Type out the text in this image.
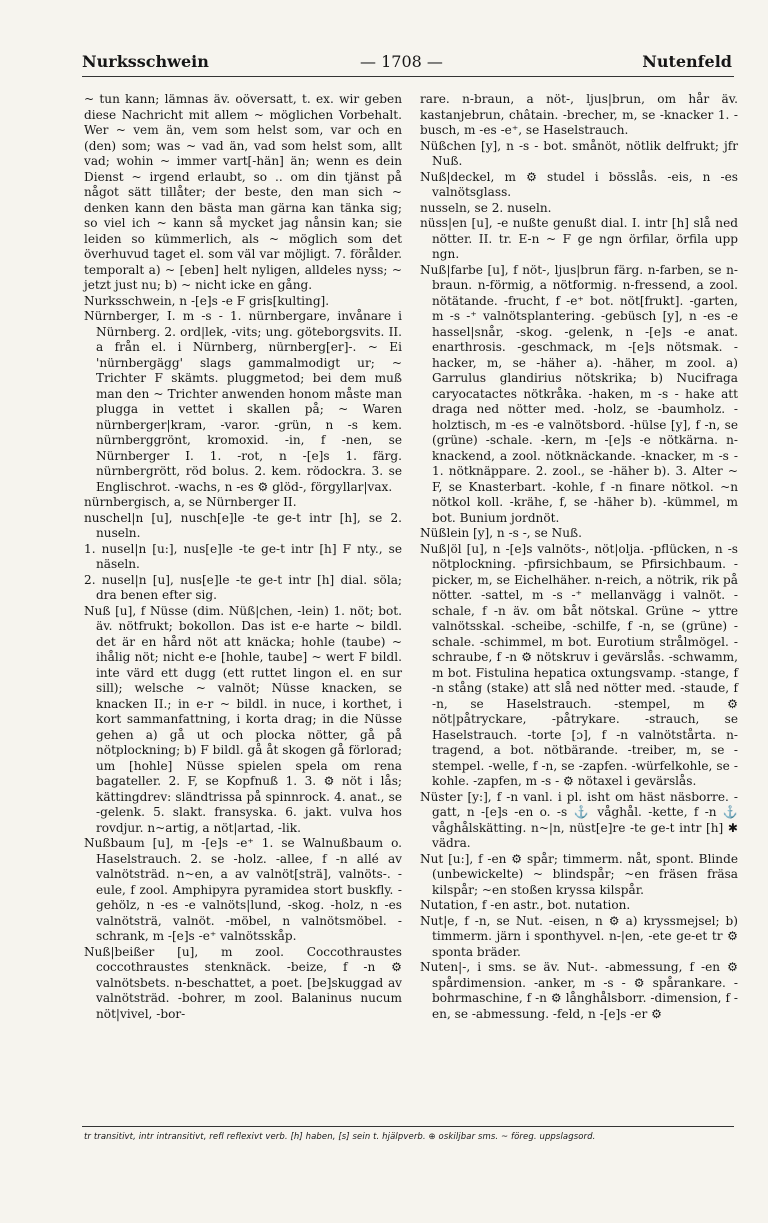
Nurksschwein	— 1708 —	Nutenfeld

~ tun kann; lämnas äv. oöversatt, t. ex. wir geben diese Nachricht mit allem ~ möglichen Vorbehalt. Wer ~ vem än, vem som helst som, var och en (den) som; was ~ vad än, vad som helst som, allt vad; wohin ~ immer vart[-hän] än; wenn es dein Dienst ~ irgend erlaubt, so .. om din tjänst på något sätt tillåter; der beste, den man sich ~ denken kann den bästa man gärna kan tänka sig; so viel ich ~ kann så mycket jag nånsin kan; sie leiden so kümmerlich, als ~ möglich som det överhuvud taget el. som väl var möjligt. 7. förålder. temporalt a) ~ [eben] helt nyligen, alldeles nyss; ~ jetzt just nu; b) ~ nicht icke en gång.

Nurksschwein, n -[e]s -e F gris[kulting].

Nürnberger, I. m -s - 1. nürnbergare, invånare i Nürnberg. 2. ord|lek, -vits; ung. göteborgsvits. II. a från el. i Nürnberg, nürnberg[er]-. ~ Ei 'nürnbergägg' slags gammalmodigt ur; ~ Trichter F skämts. pluggmetod; bei dem muß man den ~ Trichter anwenden honom måste man plugga in vettet i skallen på; ~ Waren nürnberger|kram, -varor. -grün, n -s kem. nürnberggrönt, kromoxid. -in, f -nen, se Nürnberger I. 1. -rot, n -[e]s 1. färg. nürnbergrött, röd bolus. 2. kem. rödockra. 3. se Englischrot. -wachs, n -es ⚙ glöd-, förgyllar|vax.

nürnbergisch, a, se Nürnberger II.

nuschel|n [u], nusch[e]le -te ge-t intr [h], se 2. nuseln.

1. nusel|n [u:], nus[e]le -te ge-t intr [h] F nty., se näseln.

2. nusel|n [u], nus[e]le -te ge-t intr [h] dial. söla; dra benen efter sig.

Nuß [u], f Nüsse (dim. Nüß|chen, -lein) 1. nöt; bot. äv. nötfrukt; bokollon. Das ist e-e harte ~ bildl. det är en hård nöt att knäcka; hohle (taube) ~ ihålig nöt; nicht e-e [hohle, taube] ~ wert F bildl. inte värd ett dugg (ett ruttet lingon el. en sur sill); welsche ~ valnöt; Nüsse knacken, se knacken II.; in e-r ~ bildl. in nuce, i korthet, i kort sammanfattning, i korta drag; in die Nüsse gehen a) gå ut och plocka nötter, gå på nötplockning; b) F bildl. gå åt skogen gå förlorad; um [hohle] Nüsse spielen spela om rena bagateller. 2. F, se Kopfnuß 1. 3. ⚙ nöt i lås; kättingdrev: sländtrissa på spinnrock. 4. anat., se -gelenk. 5. slakt. fransyska. 6. jakt. vulva hos rovdjur. n~artig, a nöt|artad, -lik.

Nußbaum [u], m -[e]s -e⁺ 1. se Walnußbaum o. Haselstrauch. 2. se -holz. -allee, f -n allé av valnötsträd. n~en, a av valnöt[strä], valnöts-. -eule, f zool. Amphipyra pyramidea stort buskfly. -gehölz, n -es -e valnöts|lund, -skog. -holz, n -es valnötsträ, valnöt. -möbel, n valnötsmöbel. -schrank, m -[e]s -e⁺ valnötsskåp.

Nuß|beißer [u], m zool. Coccothraustes coccothraustes stenknäck. -beize, f -n ⚙ valnötsbets. n-beschattet, a poet. [be]skuggad av valnötsträd. -bohrer, m zool. Balaninus nucum nöt|vivel, -bor-

rare. n-braun, a nöt-, ljus|brun, om hår äv. kastanjebrun, châtain. -brecher, m, se -knacker 1. -busch, m -es -e⁺, se Haselstrauch.

Nüßchen [y], n -s - bot. smånöt, nötlik delfrukt; jfr Nuß.

Nuß|deckel, m ⚙ studel i bösslås. -eis, n -es valnötsglass.

nusseln, se 2. nuseln.

nüss|en [u], -e nußte genußt dial. I. intr [h] slå ned nötter. II. tr. E-n ~ F ge ngn örfilar, örfila upp ngn.

Nuß|farbe [u], f nöt-, ljus|brun färg. n-farben, se n-braun. n-förmig, a nötformig. n-fressend, a zool. nötätande. -frucht, f -e⁺ bot. nöt[frukt]. -garten, m -s -⁺ valnötsplantering. -gebüsch [y], n -es -e hassel|snår, -skog. -gelenk, n -[e]s -e anat. enarthrosis. -geschmack, m -[e]s nötsmak. -hacker, m, se -häher a). -häher, m zool. a) Garrulus glandirius nötskrika; b) Nucifraga caryocatactes nötkråka. -haken, m -s - hake att draga ned nötter med. -holz, se -baumholz. -holztisch, m -es -e valnötsbord. -hülse [y], f -n, se (grüne) -schale. -kern, m -[e]s -e nötkärna. n-knackend, a zool. nötknäckande. -knacker, m -s - 1. nötknäppare. 2. zool., se -häher b). 3. Alter ~ F, se Knasterbart. -kohle, f -n finare nötkol. ~n nötkol koll. -krähe, f, se -häher b). -kümmel, m bot. Bunium jordnöt.

Nüßlein [y], n -s -, se Nuß.

Nuß|öl [u], n -[e]s valnöts-, nöt|olja. -pflücken, n -s nötplockning. -pfirsichbaum, se Pfirsichbaum. -picker, m, se Eichelhäher. n-reich, a nötrik, rik på nötter. -sattel, m -s -⁺ mellanvägg i valnöt. -schale, f -n äv. om båt nötskal. Grüne ~ yttre valnötsskal. -scheibe, -schilfe, f -n, se (grüne) -schale. -schimmel, m bot. Eurotium strålmögel. -schraube, f -n ⚙ nötskruv i gevärslås. -schwamm, m bot. Fistulina hepatica oxtungsvamp. -stange, f -n stång (stake) att slå ned nötter med. -staude, f -n, se Haselstrauch. -stempel, m ⚙ nöt|påtryckare, -påtrykare. -strauch, se Haselstrauch. -torte [ɔ], f -n valnötstårta. n-tragend, a bot. nötbärande. -treiber, m, se -stempel. -welle, f -n, se -zapfen. -würfelkohle, se -kohle. -zapfen, m -s - ⚙ nötaxel i gevärslås.

Nüster [y:], f -n vanl. i pl. isht om häst näsborre. -gatt, n -[e]s -en o. -s ⚓ våghål. -kette, f -n ⚓ våghålskätting. n~|n, nüst[e]re -te ge-t intr [h] ✱ vädra.

Nut [u:], f -en ⚙ spår; timmerm. nåt, spont. Blinde (unbewickelte) ~ blindspår; ~en fräsen fräsa kilspår; ~en stoßen kryssa kilspår.

Nutation, f -en astr., bot. nutation.

Nut|e, f -n, se Nut. -eisen, n ⚙ a) kryssmejsel; b) timmerm. järn i sponthyvel. n-|en, -ete ge-et tr ⚙ sponta bräder.

Nuten|-, i sms. se äv. Nut-. -abmessung, f -en ⚙ spårdimension. -anker, m -s - ⚙ spårankare. -bohrmaschine, f -n ⚙ långhålsborr. -dimension, f -en, se -abmessung. -feld, n -[e]s -er ⚙

tr transitivt, intr intransitivt, refl reflexivt verb. [h] haben, [s] sein t. hjälpverb. ⊕ oskiljbar sms. ~ föreg. uppslagsord.
